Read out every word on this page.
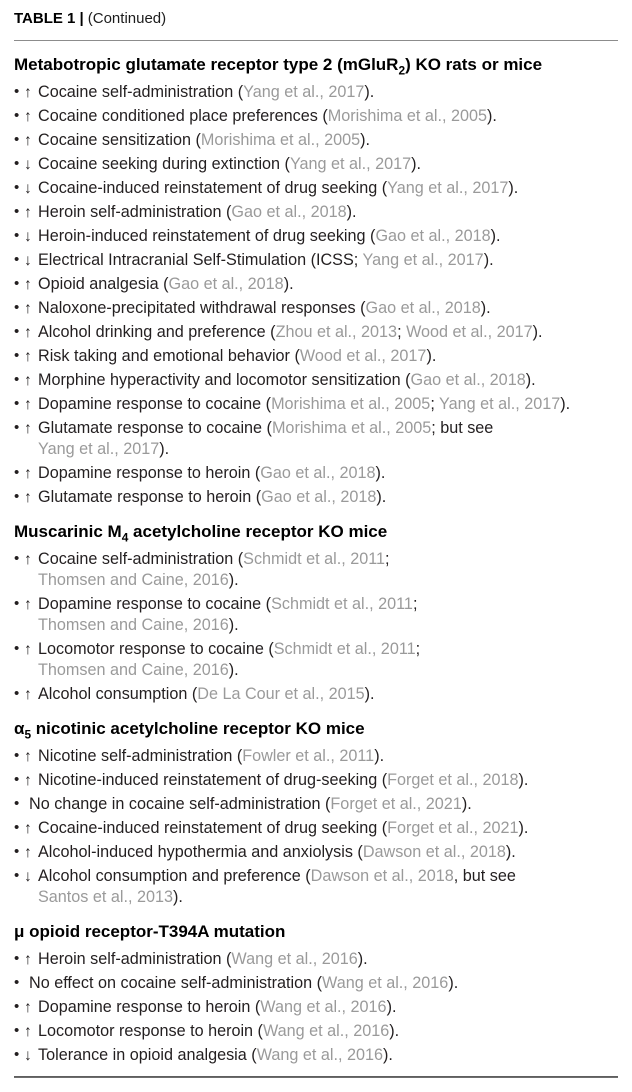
TABLE 1 | (Continued)
Metabotropic glutamate receptor type 2 (mGluR$_2$) KO rats or mice
• ↑ Cocaine self-administration (Yang et al., 2017).
• ↑ Cocaine conditioned place preferences (Morishima et al., 2005).
• ↑ Cocaine sensitization (Morishima et al., 2005).
• ↓ Cocaine seeking during extinction (Yang et al., 2017).
• ↓ Cocaine-induced reinstatement of drug seeking (Yang et al., 2017).
• ↑ Heroin self-administration (Gao et al., 2018).
• ↓ Heroin-induced reinstatement of drug seeking (Gao et al., 2018).
• ↓ Electrical Intracranial Self-Stimulation (ICSS; Yang et al., 2017).
• ↑ Opioid analgesia (Gao et al., 2018).
• ↑ Naloxone-precipitated withdrawal responses (Gao et al., 2018).
• ↑ Alcohol drinking and preference (Zhou et al., 2013; Wood et al., 2017).
• ↑ Risk taking and emotional behavior (Wood et al., 2017).
• ↑ Morphine hyperactivity and locomotor sensitization (Gao et al., 2018).
• ↑ Dopamine response to cocaine (Morishima et al., 2005; Yang et al., 2017).
• ↑ Glutamate response to cocaine (Morishima et al., 2005; but see
Yang et al., 2017).
• ↑ Dopamine response to heroin (Gao et al., 2018).
• ↑ Glutamate response to heroin (Gao et al., 2018).
Muscarinic $M_4$ acetylcholine receptor KO mice
• ↑ Cocaine self-administration (Schmidt et al., 2011;
Thomsen and Caine, 2016).
• ↑ Dopamine response to cocaine (Schmidt et al., 2011;
Thomsen and Caine, 2016).
• ↑ Locomotor response to cocaine (Schmidt et al., 2011;
Thomsen and Caine, 2016).
• ↑ Alcohol consumption (De La Cour et al., 2015).
$\alpha_5$ nicotinic acetylcholine receptor KO mice
• ↑ Nicotine self-administration (Fowler et al., 2011).
• ↑ Nicotine-induced reinstatement of drug-seeking (Forget et al., 2018).
• No change in cocaine self-administration (Forget et al., 2021).
• ↑ Cocaine-induced reinstatement of drug seeking (Forget et al., 2021).
• ↑ Alcohol-induced hypothermia and anxiolysis (Dawson et al., 2018).
• ↓ Alcohol consumption and preference (Dawson et al., 2018, but see
Santos et al., 2013).
μ opioid receptor-T394A mutation
• ↑ Heroin self-administration (Wang et al., 2016).
• No effect on cocaine self-administration (Wang et al., 2016).
• ↑ Dopamine response to heroin (Wang et al., 2016).
• ↑ Locomotor response to heroin (Wang et al., 2016).
• ↓ Tolerance in opioid analgesia (Wang et al., 2016).
